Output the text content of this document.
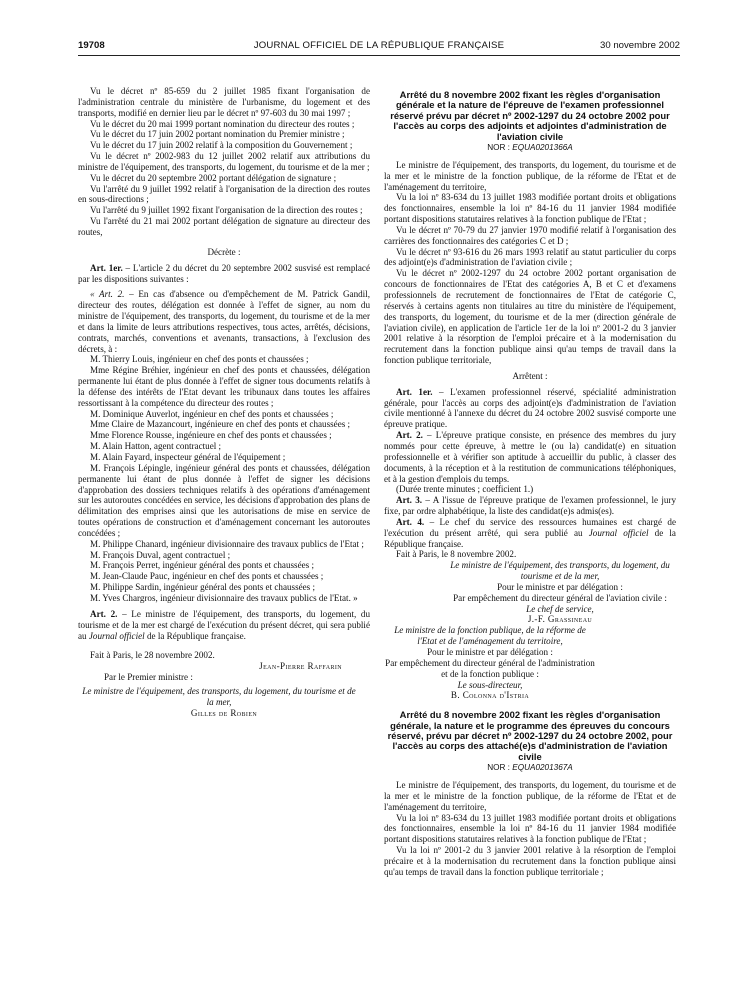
19708	JOURNAL OFFICIEL DE LA RÉPUBLIQUE FRANÇAISE	30 novembre 2002

Vu le décret nº 85-659 du 2 juillet 1985 fixant l'organisation de l'administration centrale du ministère de l'urbanisme, du logement et des transports, modifié en dernier lieu par le décret nº 97-603 du 30 mai 1997 ;

Vu le décret du 20 mai 1999 portant nomination du directeur des routes ;

Vu le décret du 17 juin 2002 portant nomination du Premier ministre ;

Vu le décret du 17 juin 2002 relatif à la composition du Gouvernement ;

Vu le décret nº 2002-983 du 12 juillet 2002 relatif aux attributions du ministre de l'équipement, des transports, du logement, du tourisme et de la mer ;

Vu le décret du 20 septembre 2002 portant délégation de signature ;

Vu l'arrêté du 9 juillet 1992 relatif à l'organisation de la direction des routes en sous-directions ;

Vu l'arrêté du 9 juillet 1992 fixant l'organisation de la direction des routes ;

Vu l'arrêté du 21 mai 2002 portant délégation de signature au directeur des routes,

Décrète :

Art. 1er. – L'article 2 du décret du 20 septembre 2002 susvisé est remplacé par les dispositions suivantes :

« Art. 2. – En cas d'absence ou d'empêchement de M. Patrick Gandil, directeur des routes, délégation est donnée à l'effet de signer, au nom du ministre de l'équipement, des transports, du logement, du tourisme et de la mer et dans la limite de leurs attributions respectives, tous actes, arrêtés, décisions, contrats, marchés, conventions et avenants, transactions, à l'exclusion des décrets, à :

M. Thierry Louis, ingénieur en chef des ponts et chaussées ;

Mme Régine Bréhier, ingénieur en chef des ponts et chaussées, délégation permanente lui étant de plus donnée à l'effet de signer tous documents relatifs à la défense des intérêts de l'Etat devant les tribunaux dans toutes les affaires ressortissant à la compétence du directeur des routes ;

M. Dominique Auverlot, ingénieur en chef des ponts et chaussées ;

Mme Claire de Mazancourt, ingénieure en chef des ponts et chaussées ;

Mme Florence Rousse, ingénieure en chef des ponts et chaussées ;

M. Alain Hatton, agent contractuel ;

M. Alain Fayard, inspecteur général de l'équipement ;

M. François Lépingle, ingénieur général des ponts et chaussées, délégation permanente lui étant de plus donnée à l'effet de signer les décisions d'approbation des dossiers techniques relatifs à des opérations d'aménagement sur les autoroutes concédées en service, les décisions d'approbation des plans de délimitation des emprises ainsi que les autorisations de mise en service de toutes opérations de construction et d'aménagement concernant les autoroutes concédées ;

M. Philippe Chanard, ingénieur divisionnaire des travaux publics de l'Etat ;

M. François Duval, agent contractuel ;

M. François Perret, ingénieur général des ponts et chaussées ;

M. Jean-Claude Pauc, ingénieur en chef des ponts et chaussées ;

M. Philippe Sardin, ingénieur général des ponts et chaussées ;

M. Yves Chargros, ingénieur divisionnaire des travaux publics de l'Etat. »

Art. 2. – Le ministre de l'équipement, des transports, du logement, du tourisme et de la mer est chargé de l'exécution du présent décret, qui sera publié au Journal officiel de la République française.

Fait à Paris, le 28 novembre 2002.

Jean-Pierre Raffarin

Par le Premier ministre :

Le ministre de l'équipement, des transports, du logement, du tourisme et de la mer,

Gilles de Robien

Arrêté du 8 novembre 2002 fixant les règles d'organisation générale et la nature de l'épreuve de l'examen professionnel réservé prévu par décret nº 2002-1297 du 24 octobre 2002 pour l'accès au corps des adjoints et adjointes d'administration de l'aviation civile

NOR : EQUA0201366A

Le ministre de l'équipement, des transports, du logement, du tourisme et de la mer et le ministre de la fonction publique, de la réforme de l'Etat et de l'aménagement du territoire,

Vu la loi nº 83-634 du 13 juillet 1983 modifiée portant droits et obligations des fonctionnaires, ensemble la loi nº 84-16 du 11 janvier 1984 modifiée portant dispositions statutaires relatives à la fonction publique de l'Etat ;

Vu le décret nº 70-79 du 27 janvier 1970 modifié relatif à l'organisation des carrières des fonctionnaires des catégories C et D ;

Vu le décret nº 93-616 du 26 mars 1993 relatif au statut particulier du corps des adjoint(e)s d'administration de l'aviation civile ;

Vu le décret nº 2002-1297 du 24 octobre 2002 portant organisation de concours de fonctionnaires de l'Etat des catégories A, B et C et d'examens professionnels de recrutement de fonctionnaires de l'Etat de catégorie C, réservés à certains agents non titulaires au titre du ministère de l'équipement, des transports, du logement, du tourisme et de la mer (direction générale de l'aviation civile), en application de l'article 1er de la loi nº 2001-2 du 3 janvier 2001 relative à la résorption de l'emploi précaire et à la modernisation du recrutement dans la fonction publique ainsi qu'au temps de travail dans la fonction publique territoriale,

Arrêtent :

Art. 1er. – L'examen professionnel réservé, spécialité administration générale, pour l'accès au corps des adjoint(e)s d'administration de l'aviation civile mentionné à l'annexe du décret du 24 octobre 2002 susvisé comporte une épreuve pratique.

Art. 2. – L'épreuve pratique consiste, en présence des membres du jury nommés pour cette épreuve, à mettre le (ou la) candidat(e) en situation professionnelle et à vérifier son aptitude à accueillir du public, à classer des documents, à la réception et à la restitution de communications téléphoniques, et à la gestion d'emplois du temps.

(Durée trente minutes ; coefficient 1.)

Art. 3. – A l'issue de l'épreuve pratique de l'examen professionnel, le jury fixe, par ordre alphabétique, la liste des candidat(e)s admis(es).

Art. 4. – Le chef du service des ressources humaines est chargé de l'exécution du présent arrêté, qui sera publié au Journal officiel de la République française.

Fait à Paris, le 8 novembre 2002.

Le ministre de l'équipement, des transports, du logement, du tourisme et de la mer,

Pour le ministre et par délégation :

Par empêchement du directeur général de l'aviation civile :

Le chef de service,

J.-F. Grassineau

Le ministre de la fonction publique, de la réforme de l'Etat et de l'aménagement du territoire,

Pour le ministre et par délégation :

Par empêchement du directeur général de l'administration et de la fonction publique :

Le sous-directeur,

B. Colonna d'Istria

Arrêté du 8 novembre 2002 fixant les règles d'organisation générale, la nature et le programme des épreuves du concours réservé, prévu par décret nº 2002-1297 du 24 octobre 2002, pour l'accès au corps des attaché(e)s d'administration de l'aviation civile

NOR : EQUA0201367A

Le ministre de l'équipement, des transports, du logement, du tourisme et de la mer et le ministre de la fonction publique, de la réforme de l'Etat et de l'aménagement du territoire,

Vu la loi nº 83-634 du 13 juillet 1983 modifiée portant droits et obligations des fonctionnaires, ensemble la loi nº 84-16 du 11 janvier 1984 modifiée portant dispositions statutaires relatives à la fonction publique de l'Etat ;

Vu la loi nº 2001-2 du 3 janvier 2001 relative à la résorption de l'emploi précaire et à la modernisation du recrutement dans la fonction publique ainsi qu'au temps de travail dans la fonction publique territoriale ;
